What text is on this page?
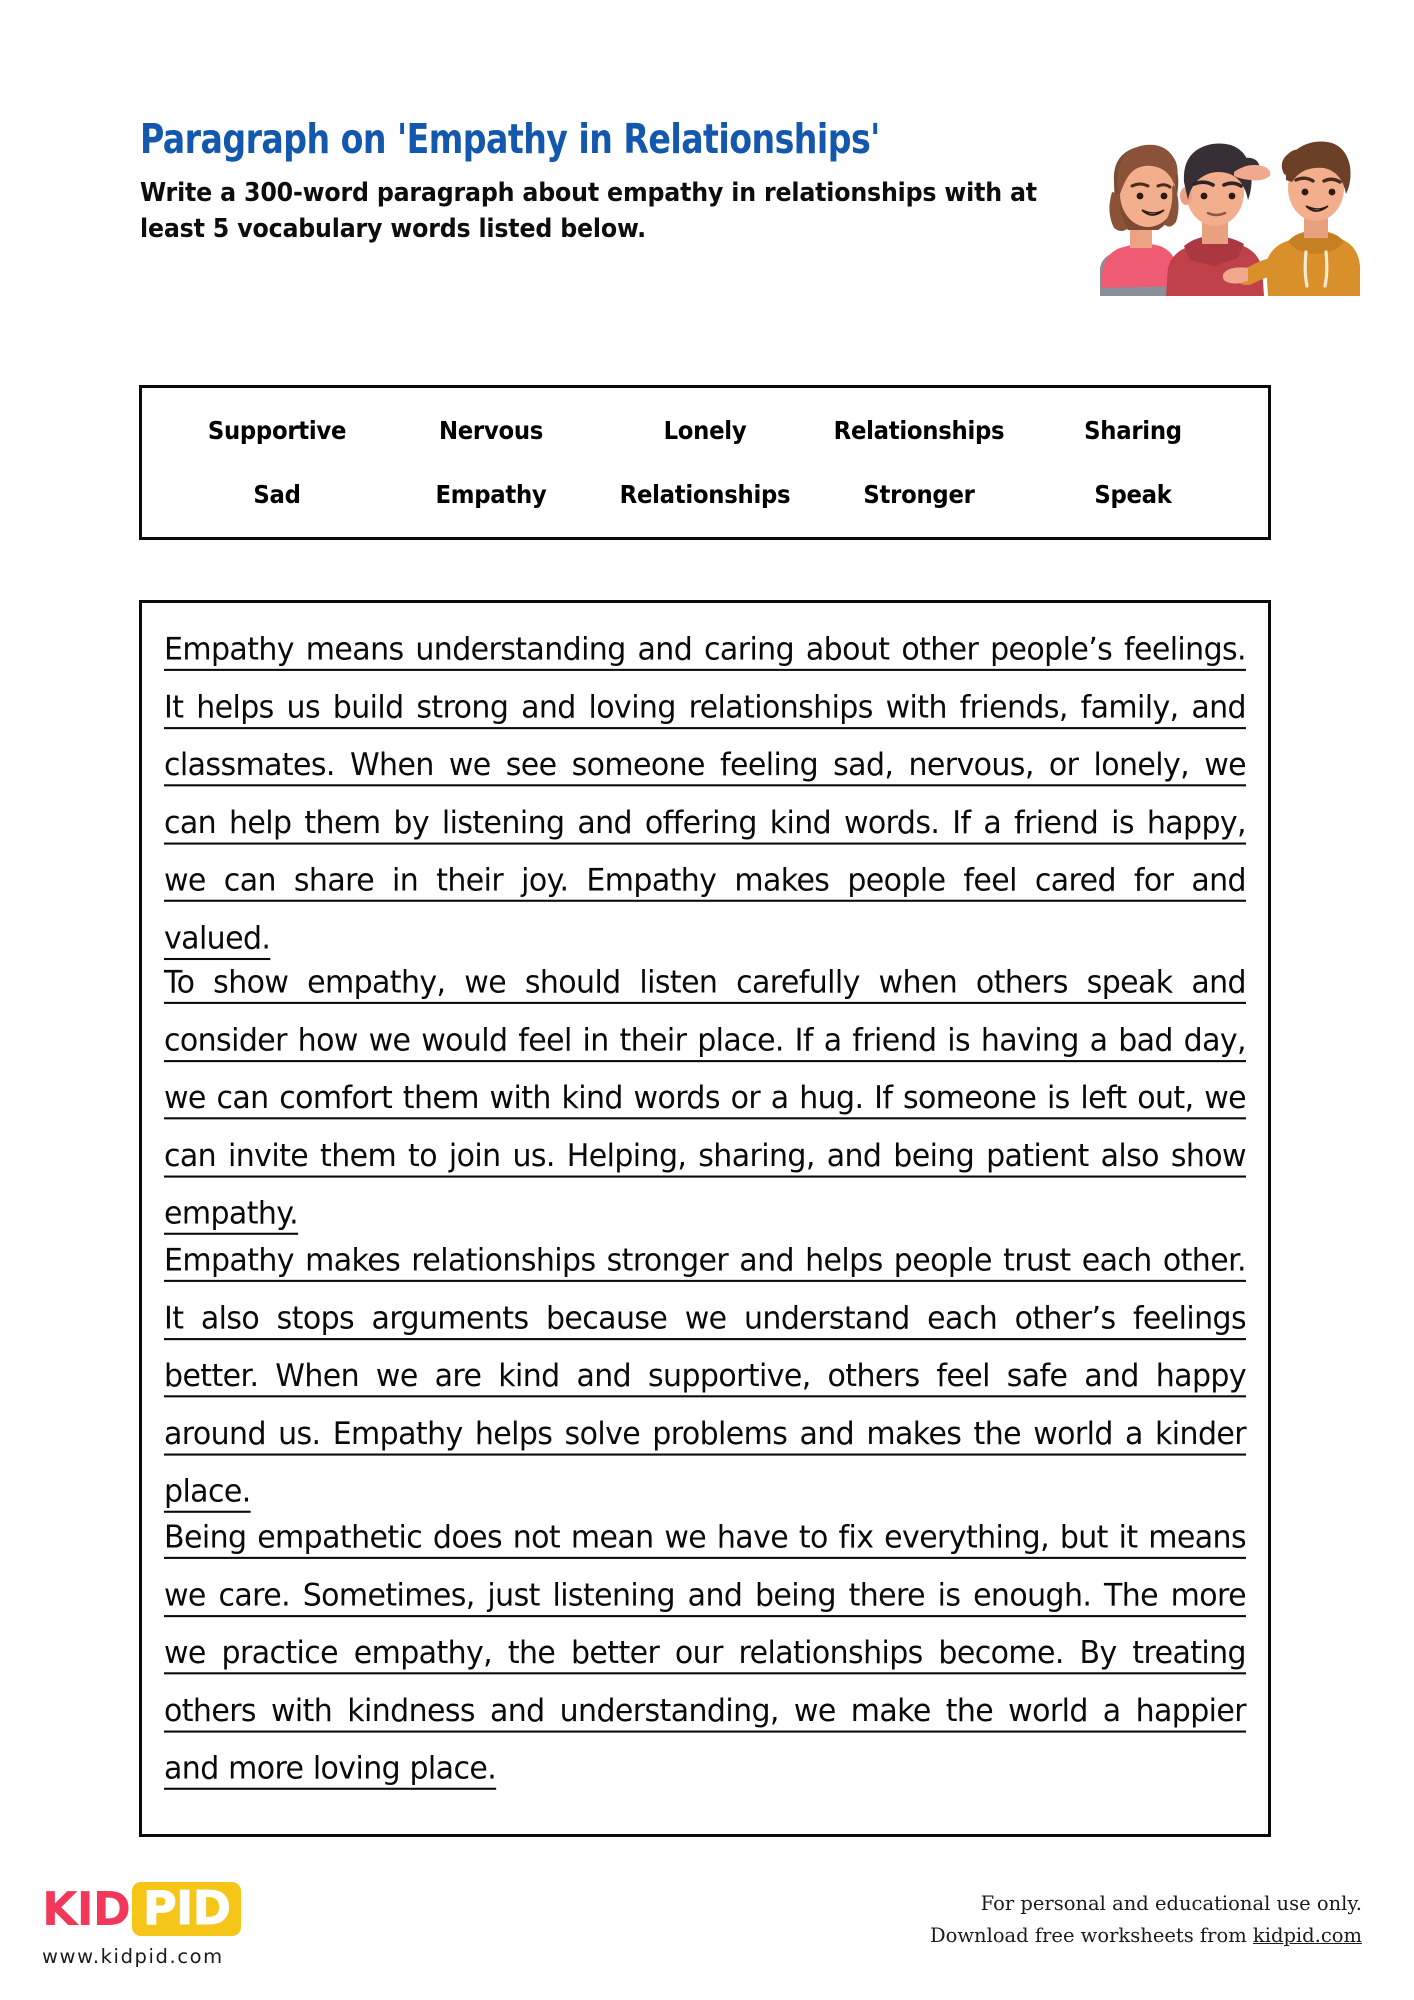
Paragraph on 'Empathy in Relationships'

Write a 300-word paragraph about empathy in relationships with at least 5 vocabulary words listed below.

Supportive	Nervous	Lonely	Relationships	Sharing
Sad	Empathy	Relationships	Stronger	Speak

Empathy means understanding and caring about other people’s feelings. It helps us build strong and loving relationships with friends, family, and classmates. When we see someone feeling sad, nervous, or lonely, we can help them by listening and offering kind words. If a friend is happy, we can share in their joy. Empathy makes people feel cared for and valued.

To show empathy, we should listen carefully when others speak and consider how we would feel in their place. If a friend is having a bad day, we can comfort them with kind words or a hug. If someone is left out, we can invite them to join us. Helping, sharing, and being patient also show empathy.

Empathy makes relationships stronger and helps people trust each other. It also stops arguments because we understand each other’s feelings better. When we are kind and supportive, others feel safe and happy around us. Empathy helps solve problems and makes the world a kinder place.

Being empathetic does not mean we have to fix everything, but it means we care. Sometimes, just listening and being there is enough. The more we practice empathy, the better our relationships become. By treating others with kindness and understanding, we make the world a happier and more loving place.

KID PID
www.kidpid.com
For personal and educational use only.
Download free worksheets from kidpid.com
